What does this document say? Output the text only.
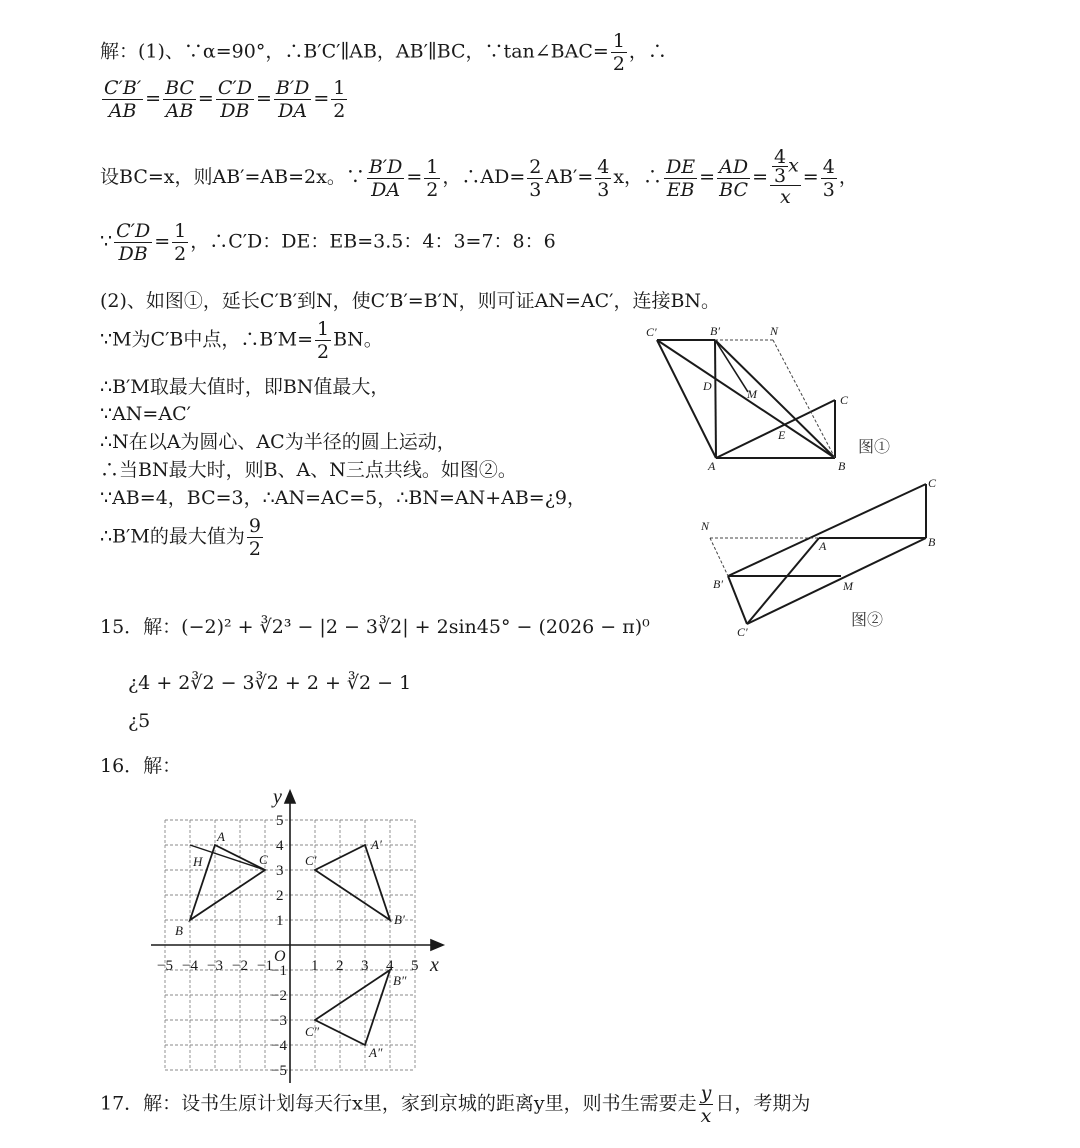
解：(1)、∵α=90°，∴B′C′∥AB，AB′∥BC，∵tan∠BAC= $\frac{1}{2}$ ，∴
$\frac{C'B'}{AB} = \frac{BC}{AB} = \frac{C'D}{DB} = \frac{B'D}{DA} = \frac{1}{2}$
设BC=x，则AB′=AB=2x。∵ $\frac{B'D}{DA} = \frac{1}{2}$ ，∴AD= $\frac{2}{3} AB'= \frac{4}{3}$ x，∴ $\frac{DE}{EB} = \frac{AD}{BC} = \frac{\frac{4}{3} x}{x} = \frac{4}{3}$ ，
∵ $\frac{C'D}{DB} = \frac{1}{2}$ ，∴C′D：DE：EB=3.5：4：3=7：8：6
(2)、如图①，延长C′B′到N，使C′B′=B′N，则可证AN=AC′，连接BN。
∵M为C′B中点，∴B′M= $\frac{1}{2}$ BN。
∴B′M取最大值时，即BN值最大，
∵AN=AC′
∴N在以A为圆心、AC为半径的圆上运动，
∴当BN最大时，则B、A、N三点共线。如图②。
∵AB=4，BC=3，∴AN=AC=5，∴BN=AN+AB=¿9，
∴B′M的最大值为 $\frac{9}{2}$
C′	B′	N
D
M	C
E
A	B
图①
C
N
A	B
B′	M
C′
图②
15．解：(−2)² + ∛2³ − |2 − 3∛2| + 2sin45° − (2026 − π)⁰
¿4 + 2∛2 − 3∛2 + 2 + ∛2 − 1
¿5
16．解：
−5 −4 −3 −2 −1	1 2 3 4 5
5
4
3
2
1
−1
−2
−3
−4
−5
x
y
O
A
H	C
B
C′
A′
B′
B″
C″
A″
17．解：设书生原计划每天行x里，家到京城的距离y里，则书生需要走 $\frac{y}{x}$ 日，考期为
